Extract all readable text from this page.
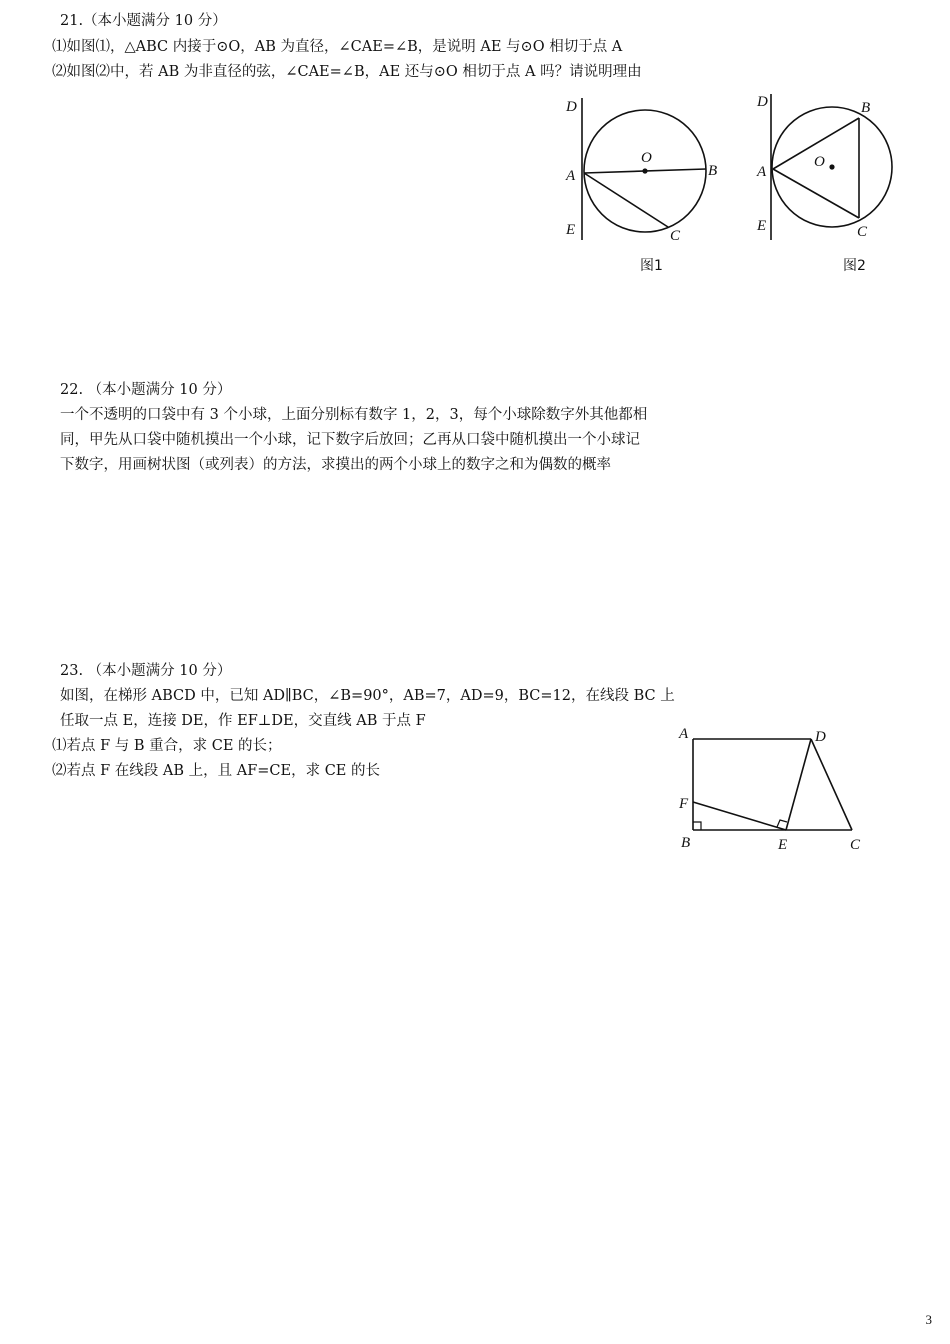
21.（本小题满分 10 分）
⑴如图⑴，△ABC 内接于⊙O，AB 为直径，∠CAE=∠B，是说明 AE 与⊙O 相切于点 A
⑵如图⑵中，若 AB 为非直径的弦，∠CAE=∠B，AE 还与⊙O 相切于点 A 吗？请说明理由
D
A
E
O
B
C
图1
D
A
E
O
B
C
图2
22. （本小题满分 10 分）
一个不透明的口袋中有 3 个小球，上面分别标有数字 1，2，3，每个小球除数字外其他都相
同，甲先从口袋中随机摸出一个小球，记下数字后放回；乙再从口袋中随机摸出一个小球记
下数字，用画树状图（或列表）的方法，求摸出的两个小球上的数字之和为偶数的概率
23. （本小题满分 10 分）
如图，在梯形 ABCD 中，已知 AD∥BC，∠B=90°，AB=7，AD=9，BC=12，在线段 BC 上
任取一点 E，连接 DE，作 EF⊥DE，交直线 AB 于点 F
⑴若点 F 与 B 重合，求 CE 的长；
⑵若点 F 在线段 AB 上，且 AF=CE，求 CE 的长
A	D
F
B	E	C
3
